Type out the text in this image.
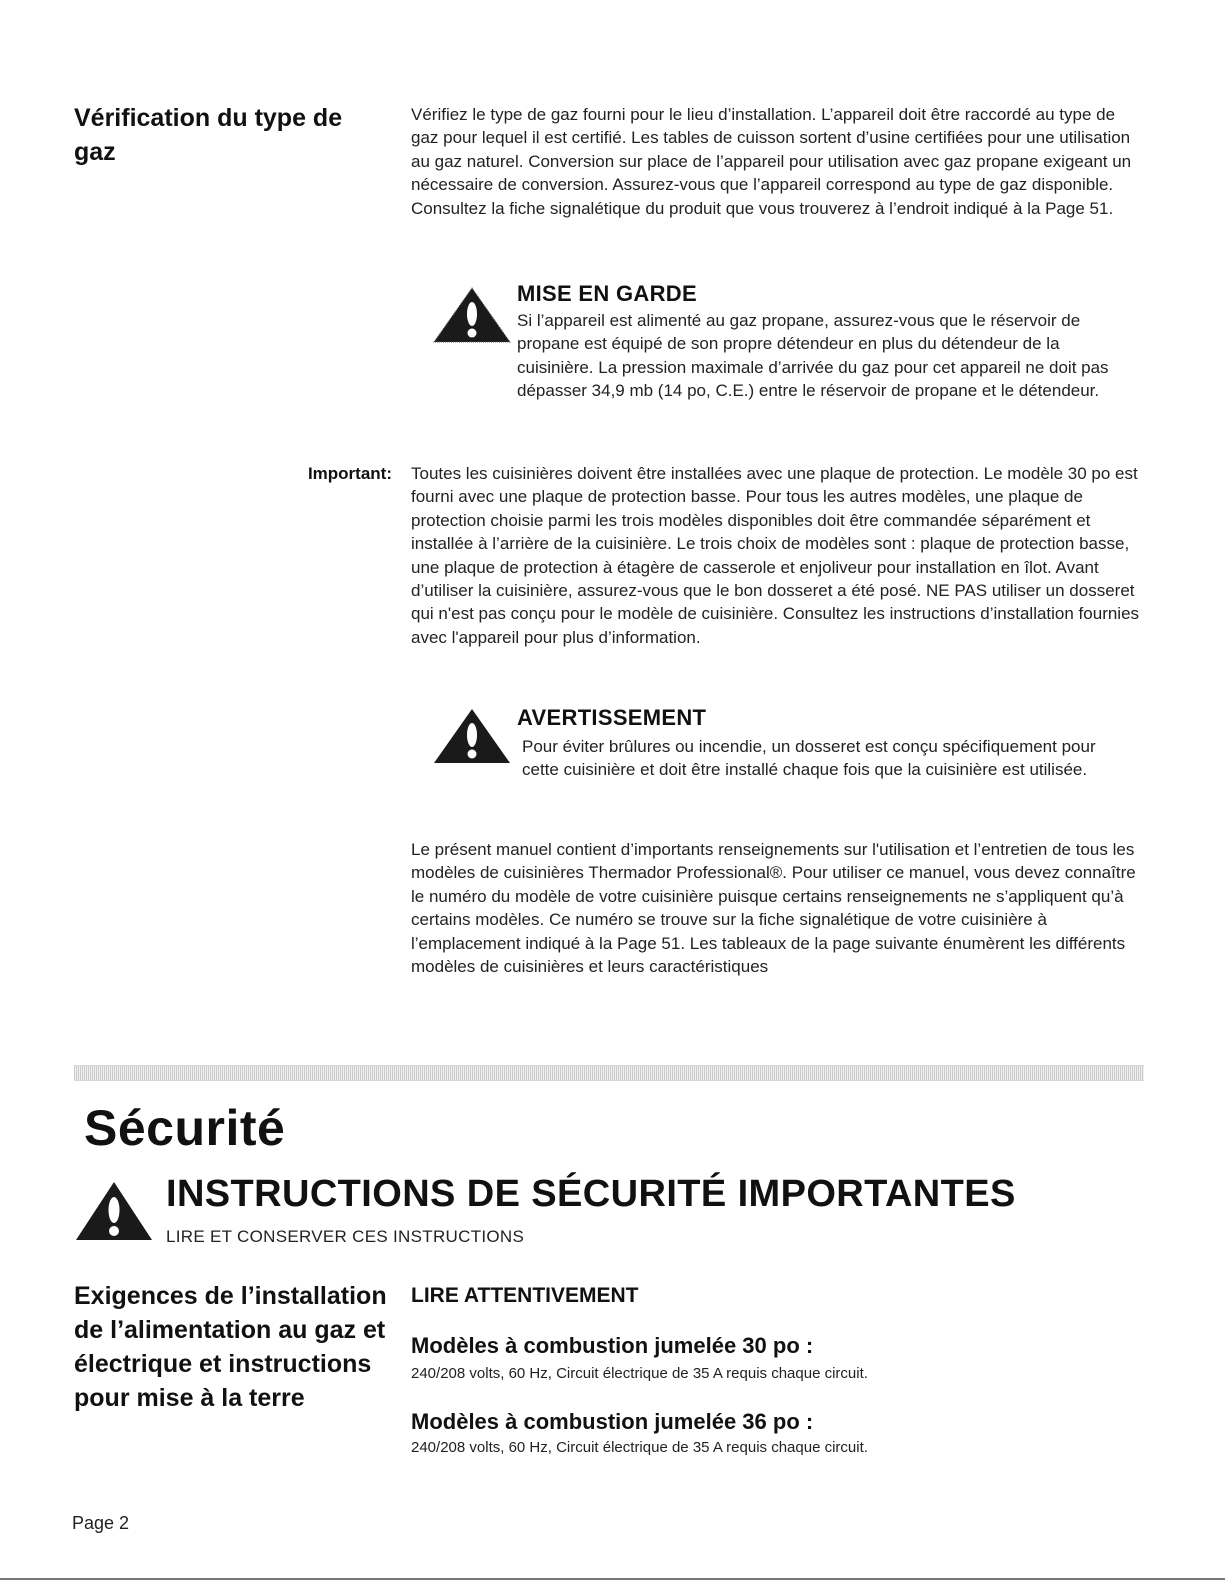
Vérification du type de gaz
Vérifiez le type de gaz fourni pour le lieu d’installation. L’appareil doit être raccordé au type de gaz pour lequel il est certifié. Les tables de cuisson sortent d’usine certifiées pour une utilisation au gaz naturel. Conversion sur place de l’appareil pour utilisation avec gaz propane exigeant un nécessaire de conversion. Assurez-vous que l’appareil correspond au type de gaz disponible. Consultez la fiche signalétique du produit que vous trouverez à l’endroit indiqué à la Page 51.
MISE EN GARDE
Si l’appareil est alimenté au gaz propane, assurez-vous que le réservoir de propane est équipé de son propre détendeur en plus du détendeur de la cuisinière. La pression maximale d’arrivée du gaz pour cet appareil ne doit pas dépasser 34,9 mb (14 po, C.E.) entre le réservoir de propane et le détendeur.
Important: Toutes les cuisinières doivent être installées avec une plaque de protection. Le modèle 30 po est fourni avec une plaque de protection basse. Pour tous les autres modèles, une plaque de protection choisie parmi les trois modèles disponibles doit être commandée séparément et installée à l’arrière de la cuisinière. Le trois choix de modèles sont : plaque de protection basse, une plaque de protection à étagère de casserole et enjoliveur pour installation en îlot. Avant d’utiliser la cuisinière, assurez-vous que le bon dosseret a été posé. NE PAS utiliser un dosseret qui n'est pas conçu pour le modèle de cuisinière. Consultez les instructions d’installation fournies avec l'appareil pour plus d’information.
AVERTISSEMENT
Pour éviter brûlures ou incendie, un dosseret est conçu spécifiquement pour cette cuisinière et doit être installé chaque fois que la cuisinière est utilisée.
Le présent manuel contient d’importants renseignements sur l'utilisation et l’entretien de tous les modèles de cuisinières Thermador Professional®. Pour utiliser ce manuel, vous devez connaître le numéro du modèle de votre cuisinière puisque certains renseignements ne s’appliquent qu’à certains modèles. Ce numéro se trouve sur la fiche signalétique de votre cuisinière à l’emplacement indiqué à la Page 51. Les tableaux de la page suivante énumèrent les différents modèles de cuisinières et leurs caractéristiques
Sécurité
INSTRUCTIONS DE SÉCURITÉ IMPORTANTES
LIRE ET CONSERVER CES INSTRUCTIONS
Exigences de l’installation de l’alimentation au gaz et électrique et instructions pour mise à la terre
LIRE ATTENTIVEMENT
Modèles à combustion jumelée 30 po :
240/208 volts, 60 Hz, Circuit électrique de 35 A requis chaque circuit.
Modèles à combustion jumelée 36 po :
240/208 volts, 60 Hz, Circuit électrique de 35 A requis chaque circuit.
Page 2
